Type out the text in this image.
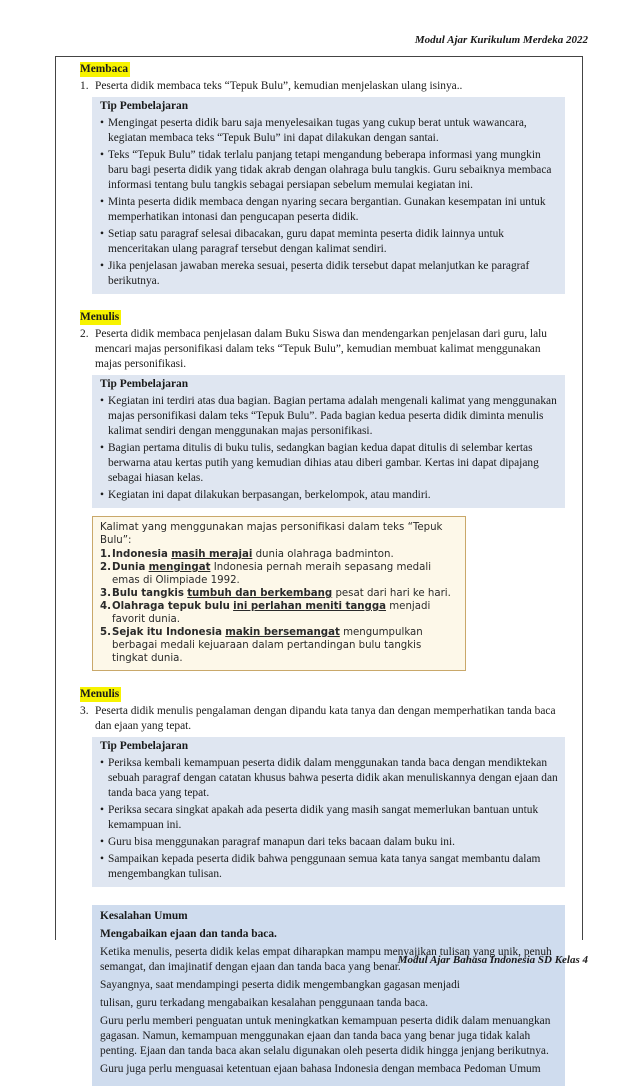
Modul Ajar Kurikulum Merdeka 2022
Membaca
1. Peserta didik membaca teks “Tepuk Bulu”, kemudian menjelaskan ulang isinya..
Tip Pembelajaran
• Mengingat peserta didik baru saja menyelesaikan tugas yang cukup berat untuk wawancara, kegiatan membaca teks “Tepuk Bulu” ini dapat dilakukan dengan santai.
• Teks “Tepuk Bulu” tidak terlalu panjang tetapi mengandung beberapa informasi yang mungkin baru bagi peserta didik yang tidak akrab dengan olahraga bulu tangkis. Guru sebaiknya membaca informasi tentang bulu tangkis sebagai persiapan sebelum memulai kegiatan ini.
• Minta peserta didik membaca dengan nyaring secara bergantian. Gunakan kesempatan ini untuk memperhatikan intonasi dan pengucapan peserta didik.
• Setiap satu paragraf selesai dibacakan, guru dapat meminta peserta didik lainnya untuk menceritakan ulang paragraf tersebut dengan kalimat sendiri.
• Jika penjelasan jawaban mereka sesuai, peserta didik tersebut dapat melanjutkan ke paragraf berikutnya.
Menulis
2. Peserta didik membaca penjelasan dalam Buku Siswa dan mendengarkan penjelasan dari guru, lalu mencari majas personifikasi dalam teks “Tepuk Bulu”, kemudian membuat kalimat menggunakan majas personifikasi.
Tip Pembelajaran
• Kegiatan ini terdiri atas dua bagian. Bagian pertama adalah mengenali kalimat yang menggunakan majas personifikasi dalam teks “Tepuk Bulu”. Pada bagian kedua peserta didik diminta menulis kalimat sendiri dengan menggunakan majas personifikasi.
• Bagian pertama ditulis di buku tulis, sedangkan bagian kedua dapat ditulis di selembar kertas berwarna atau kertas putih yang kemudian dihias atau diberi gambar. Kertas ini dapat dipajang sebagai hiasan kelas.
• Kegiatan ini dapat dilakukan berpasangan, berkelompok, atau mandiri.
Kalimat yang menggunakan majas personifikasi dalam teks “Tepuk Bulu”:
1. Indonesia masih merajai dunia olahraga badminton.
2. Dunia mengingat Indonesia pernah meraih sepasang medali emas di Olimpiade 1992.
3. Bulu tangkis tumbuh dan berkembang pesat dari hari ke hari.
4. Olahraga tepuk bulu ini perlahan meniti tangga menjadi favorit dunia.
5. Sejak itu Indonesia makin bersemangat mengumpulkan berbagai medali kejuaraan dalam pertandingan bulu tangkis tingkat dunia.
Menulis
3. Peserta didik menulis pengalaman dengan dipandu kata tanya dan dengan memperhatikan tanda baca dan ejaan yang tepat.
Tip Pembelajaran
• Periksa kembali kemampuan peserta didik dalam menggunakan tanda baca dengan mendiktekan sebuah paragraf dengan catatan khusus bahwa peserta didik akan menuliskannya dengan ejaan dan tanda baca yang tepat.
• Periksa secara singkat apakah ada peserta didik yang masih sangat memerlukan bantuan untuk kemampuan ini.
• Guru bisa menggunakan paragraf manapun dari teks bacaan dalam buku ini.
• Sampaikan kepada peserta didik bahwa penggunaan semua kata tanya sangat membantu dalam mengembangkan tulisan.

Kesalahan Umum

Mengabaikan ejaan dan tanda baca.

Ketika menulis, peserta didik kelas empat diharapkan mampu menyajikan tulisan yang unik, penuh semangat, dan imajinatif dengan ejaan dan tanda baca yang benar.

Sayangnya, saat mendampingi peserta didik mengembangkan gagasan menjadi

tulisan, guru terkadang mengabaikan kesalahan penggunaan tanda baca.

Guru perlu memberi penguatan untuk meningkatkan kemampuan peserta didik dalam menuangkan gagasan. Namun, kemampuan menggunakan ejaan dan tanda baca yang benar juga tidak kalah penting. Ejaan dan tanda baca akan selalu digunakan oleh peserta didik hingga jenjang berikutnya.

Guru juga perlu menguasai ketentuan ejaan bahasa Indonesia dengan membaca Pedoman Umum

Modul Ajar Bahasa Indonesia SD Kelas 4
